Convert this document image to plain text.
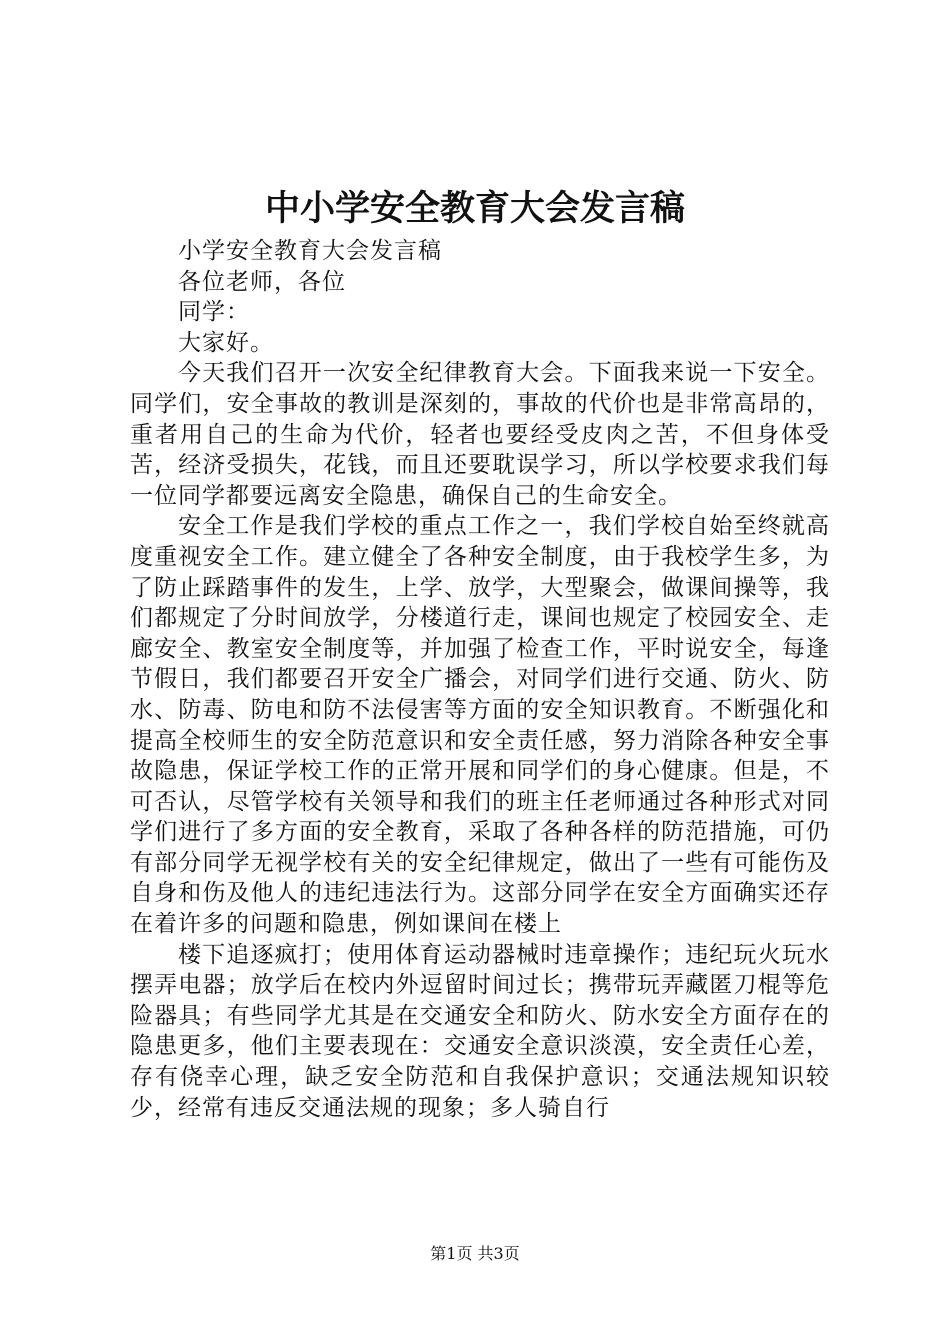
中小学安全教育大会发言稿

小学安全教育大会发言稿

各位老师，各位

同学：

大家好。

今天我们召开一次安全纪律教育大会。下面我来说一下安全。同学们，安全事故的教训是深刻的，事故的代价也是非常高昂的，重者用自己的生命为代价，轻者也要经受皮肉之苦，不但身体受苦，经济受损失，花钱，而且还要耽误学习，所以学校要求我们每一位同学都要远离安全隐患，确保自己的生命安全。

安全工作是我们学校的重点工作之一，我们学校自始至终就高度重视安全工作。建立健全了各种安全制度，由于我校学生多，为了防止踩踏事件的发生，上学、放学，大型聚会，做课间操等，我们都规定了分时间放学，分楼道行走，课间也规定了校园安全、走廊安全、教室安全制度等，并加强了检查工作，平时说安全，每逢节假日，我们都要召开安全广播会，对同学们进行交通、防火、防水、防毒、防电和防不法侵害等方面的安全知识教育。不断强化和提高全校师生的安全防范意识和安全责任感，努力消除各种安全事故隐患，保证学校工作的正常开展和同学们的身心健康。但是，不可否认，尽管学校有关领导和我们的班主任老师通过各种形式对同学们进行了多方面的安全教育，采取了各种各样的防范措施，可仍有部分同学无视学校有关的安全纪律规定，做出了一些有可能伤及自身和伤及他人的违纪违法行为。这部分同学在安全方面确实还存在着许多的问题和隐患，例如课间在楼上

楼下追逐疯打；使用体育运动器械时违章操作；违纪玩火玩水摆弄电器；放学后在校内外逗留时间过长；携带玩弄藏匿刀棍等危险器具；有些同学尤其是在交通安全和防火、防水安全方面存在的隐患更多，他们主要表现在：交通安全意识淡漠，安全责任心差，存有侥幸心理，缺乏安全防范和自我保护意识；交通法规知识较少，经常有违反交通法规的现象；多人骑自行

第1页 共3页
